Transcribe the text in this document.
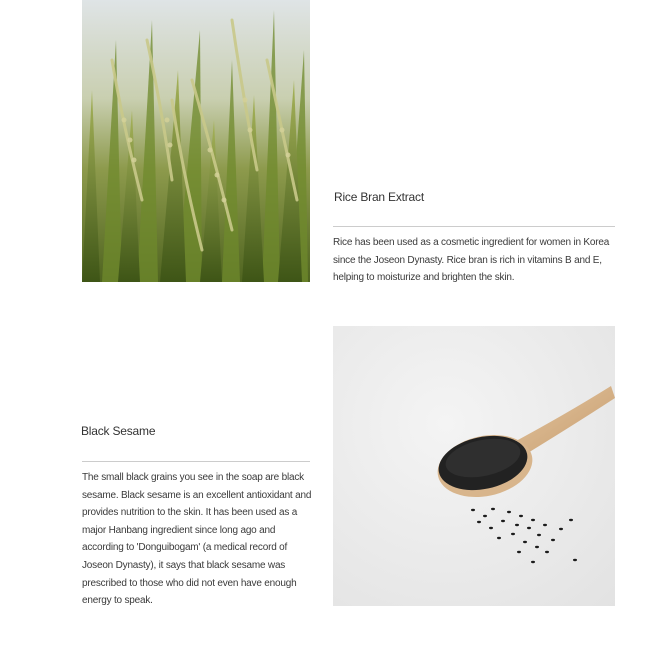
Rice Bran Extract
Rice has been used as a cosmetic ingredient for women in Korea since the Joseon Dynasty. Rice bran is rich in vitamins B and E, helping to moisturize and brighten the skin.
Black Sesame
The small black grains you see in the soap are black sesame. Black sesame is an excellent antioxidant and provides nutrition to the skin. It has been used as a major Hanbang ingredient since long ago and according to 'Donguibogam' (a medical record of Joseon Dynasty), it says that black sesame was prescribed to those who did not even have enough energy to speak.
